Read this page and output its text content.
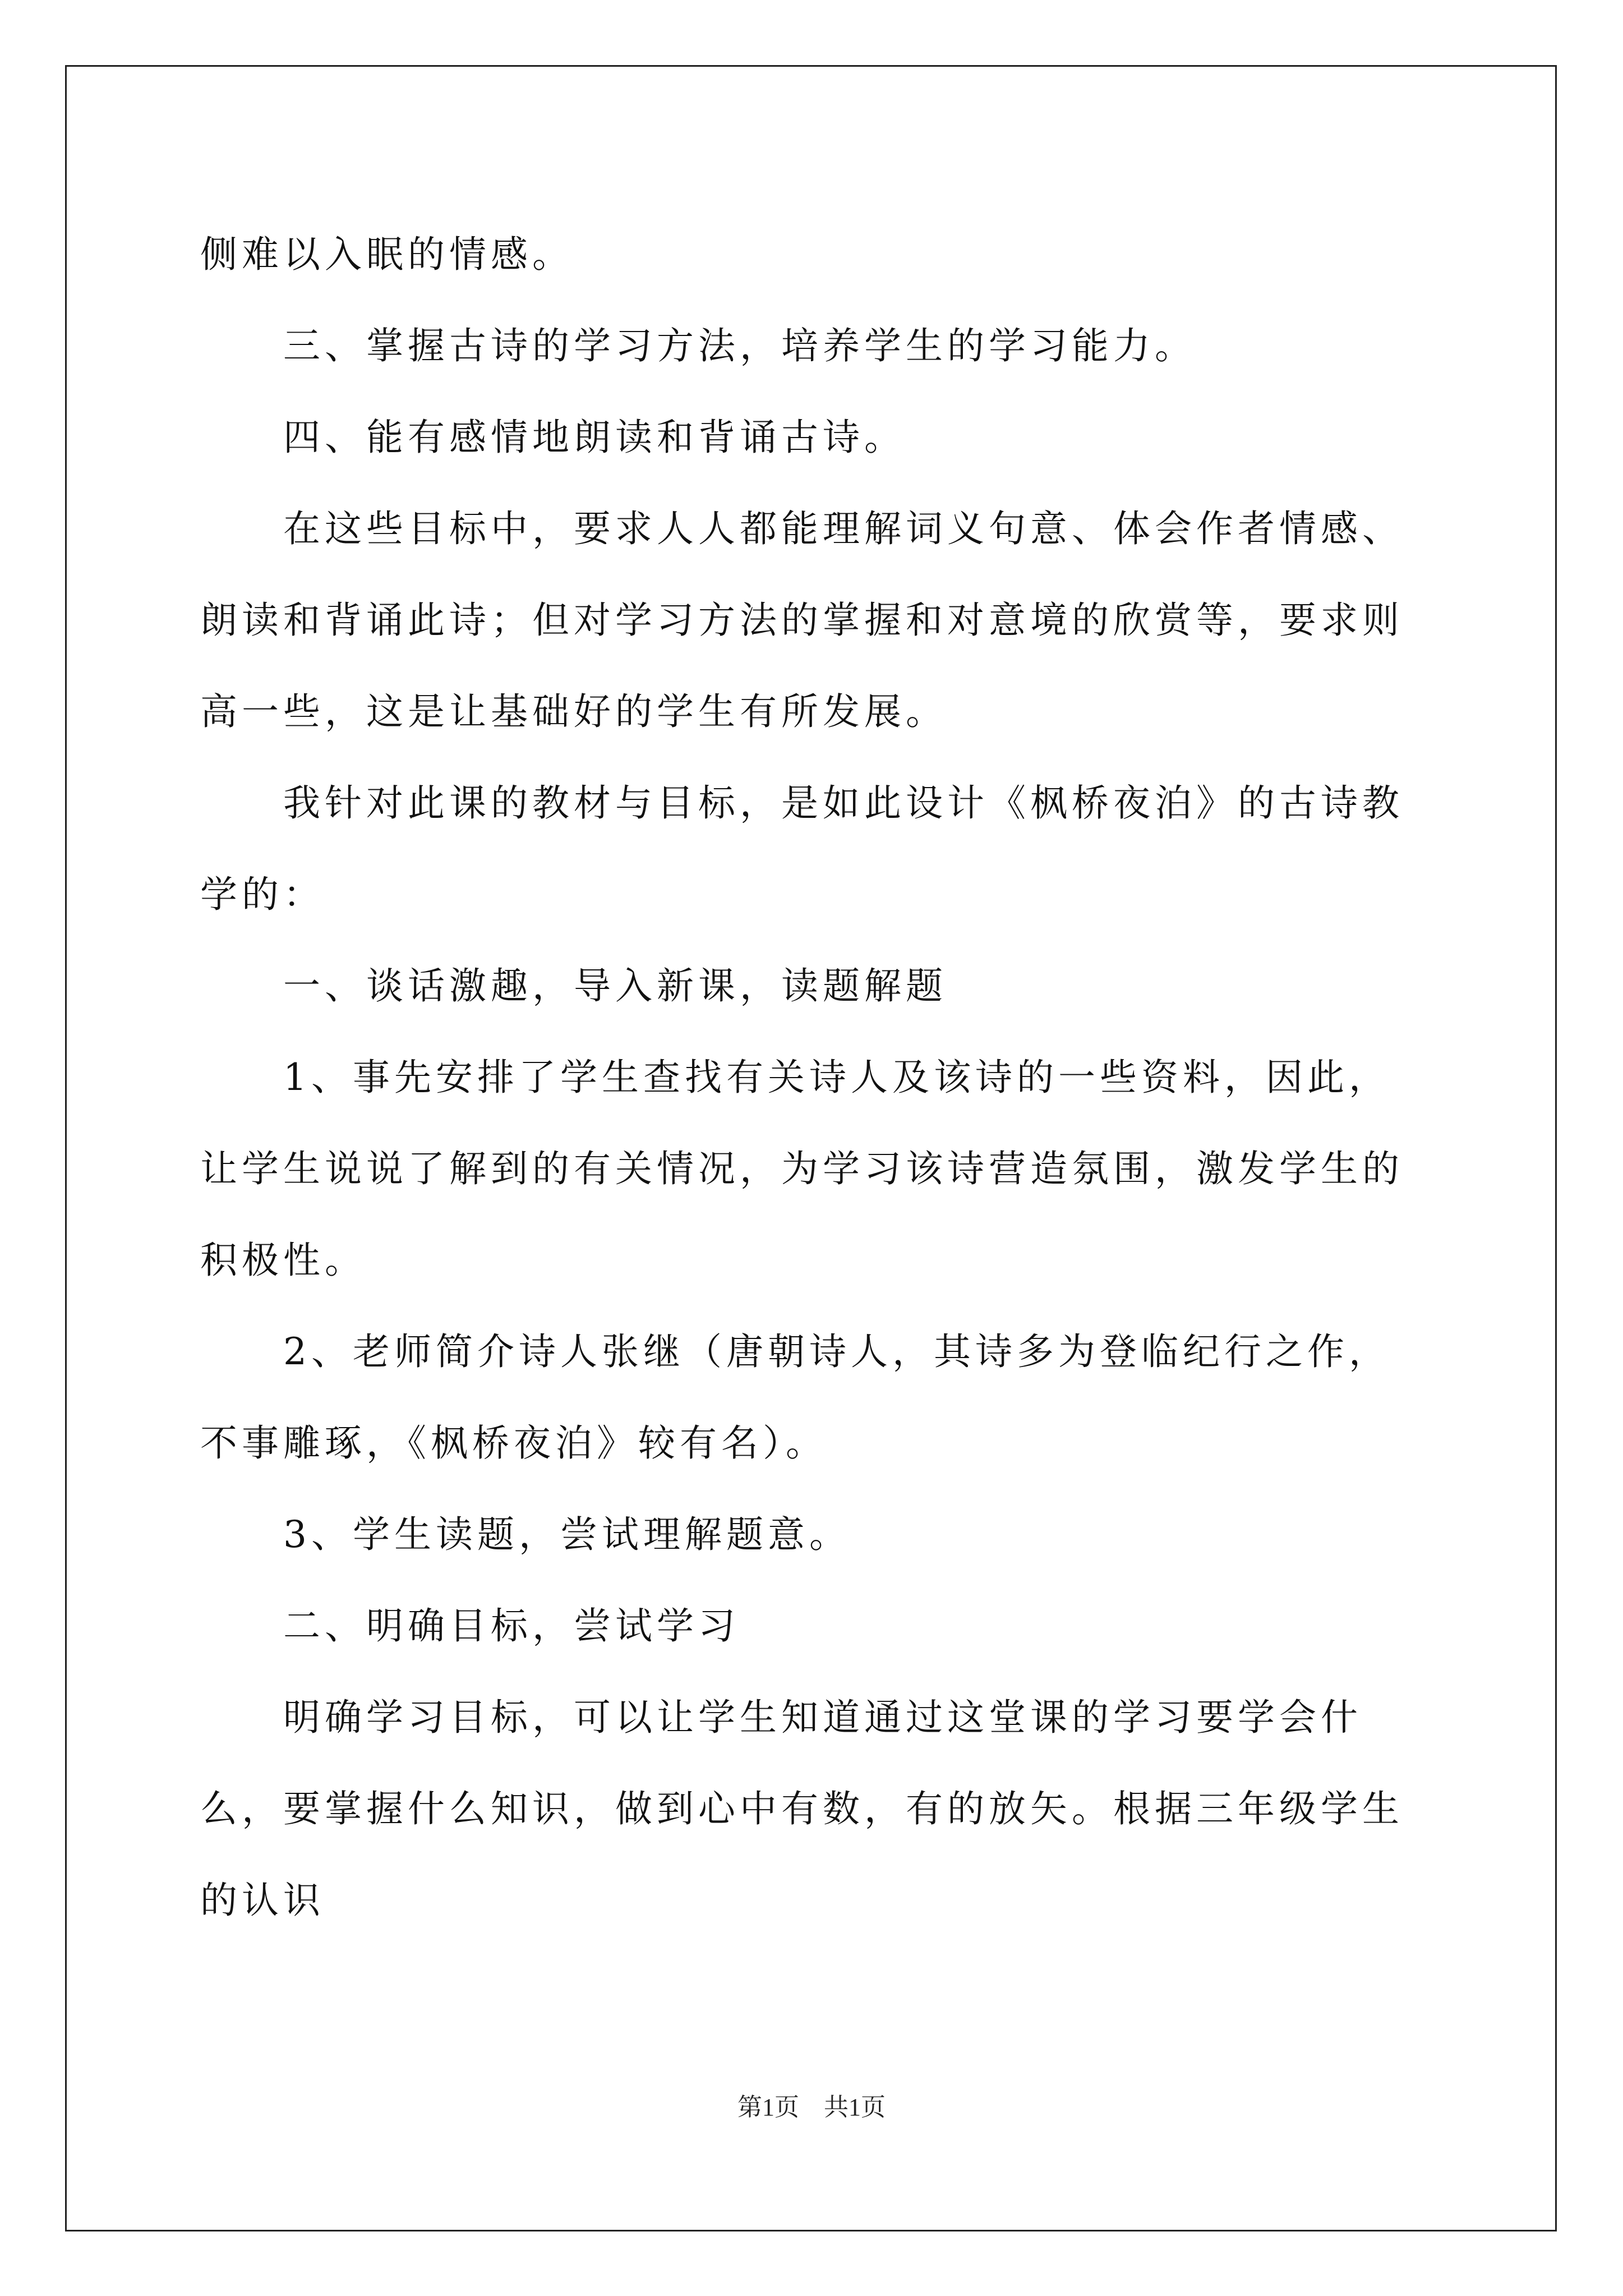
侧难以入眠的情感。

三、掌握古诗的学习方法，培养学生的学习能力。

四、能有感情地朗读和背诵古诗。

在这些目标中，要求人人都能理解词义句意、体会作者情感、朗读和背诵此诗；但对学习方法的掌握和对意境的欣赏等，要求则高一些，这是让基础好的学生有所发展。

我针对此课的教材与目标，是如此设计《枫桥夜泊》的古诗教学的：

一、谈话激趣，导入新课，读题解题

1、事先安排了学生查找有关诗人及该诗的一些资料，因此，让学生说说了解到的有关情况，为学习该诗营造氛围，激发学生的积极性。

2、老师简介诗人张继（唐朝诗人，其诗多为登临纪行之作，不事雕琢，《枫桥夜泊》较有名）。

3、学生读题，尝试理解题意。

二、明确目标，尝试学习

明确学习目标，可以让学生知道通过这堂课的学习要学会什么，要掌握什么知识，做到心中有数，有的放矢。根据三年级学生的认识

第1页　共1页
